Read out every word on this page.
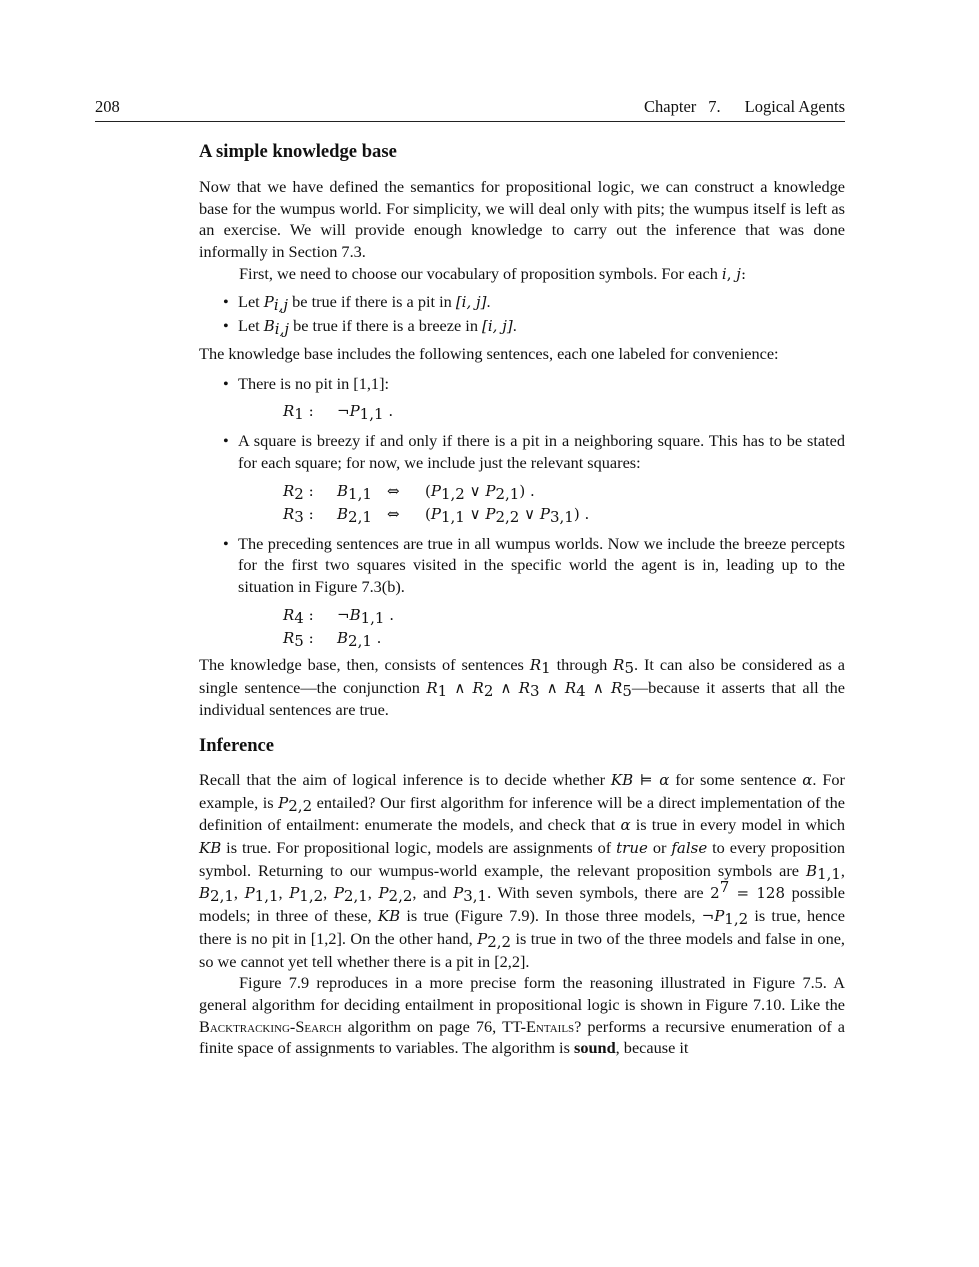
208	Chapter 7. Logical Agents
A simple knowledge base

Now that we have defined the semantics for propositional logic, we can construct a knowledge base for the wumpus world. For simplicity, we will deal only with pits; the wumpus itself is left as an exercise. We will provide enough knowledge to carry out the inference that was done informally in Section 7.3.

First, we need to choose our vocabulary of proposition symbols. For each i, j:

• Let $P_{i,j}$ be true if there is a pit in [i, j].
• Let $B_{i,j}$ be true if there is a breeze in [i, j].

The knowledge base includes the following sentences, each one labeled for convenience:

• There is no pit in [1,1]:
$R_1$ : $\neg P_{1,1}$ .
• A square is breezy if and only if there is a pit in a neighboring square. This has to be stated for each square; for now, we include just the relevant squares:
$R_2$ : $B_{1,1}$ ⇔ ($P_{1,2}$ ∨ $P_{2,1}$) .
$R_3$ : $B_{2,1}$ ⇔ ($P_{1,1}$ ∨ $P_{2,2}$ ∨ $P_{3,1}$) .
• The preceding sentences are true in all wumpus worlds. Now we include the breeze percepts for the first two squares visited in the specific world the agent is in, leading up to the situation in Figure 7.3(b).
$R_4$ : $\neg B_{1,1}$ .
$R_5$ : $B_{2,1}$ .

The knowledge base, then, consists of sentences $R_1$ through $R_5$. It can also be considered as a single sentence—the conjunction $R_1$ ∧ $R_2$ ∧ $R_3$ ∧ $R_4$ ∧ $R_5—because$ it asserts that all the individual sentences are true.

Inference

Recall that the aim of logical inference is to decide whether KB ⊨ α for some sentence α. For example, is $P_{2,2}$ entailed? Our first algorithm for inference will be a direct implementation of the definition of entailment: enumerate the models, and check that α is true in every model in which KB is true. For propositional logic, models are assignments of true or false to every proposition symbol. Returning to our wumpus-world example, the relevant proposition symbols are $B_{1,1}$, $B_{2,1}$, $P_{1,1}$, $P_{1,2}$, $P_{2,1}$, $P_{2,2}$, and $P_{3,1}$. With seven symbols, there are $2^7 = 128$ possible models; in three of these, KB is true (Figure 7.9). In those three models, $\neg P_{1,2}$ is true, hence there is no pit in [1,2]. On the other hand, $P_{2,2}$ is true in two of the three models and false in one, so we cannot yet tell whether there is a pit in [2,2].

Figure 7.9 reproduces in a more precise form the reasoning illustrated in Figure 7.5. A general algorithm for deciding entailment in propositional logic is shown in Figure 7.10. Like the Backtracking-Search algorithm on page 76, TT-Entails? performs a recursive enumeration of a finite space of assignments to variables. The algorithm is sound, because it
